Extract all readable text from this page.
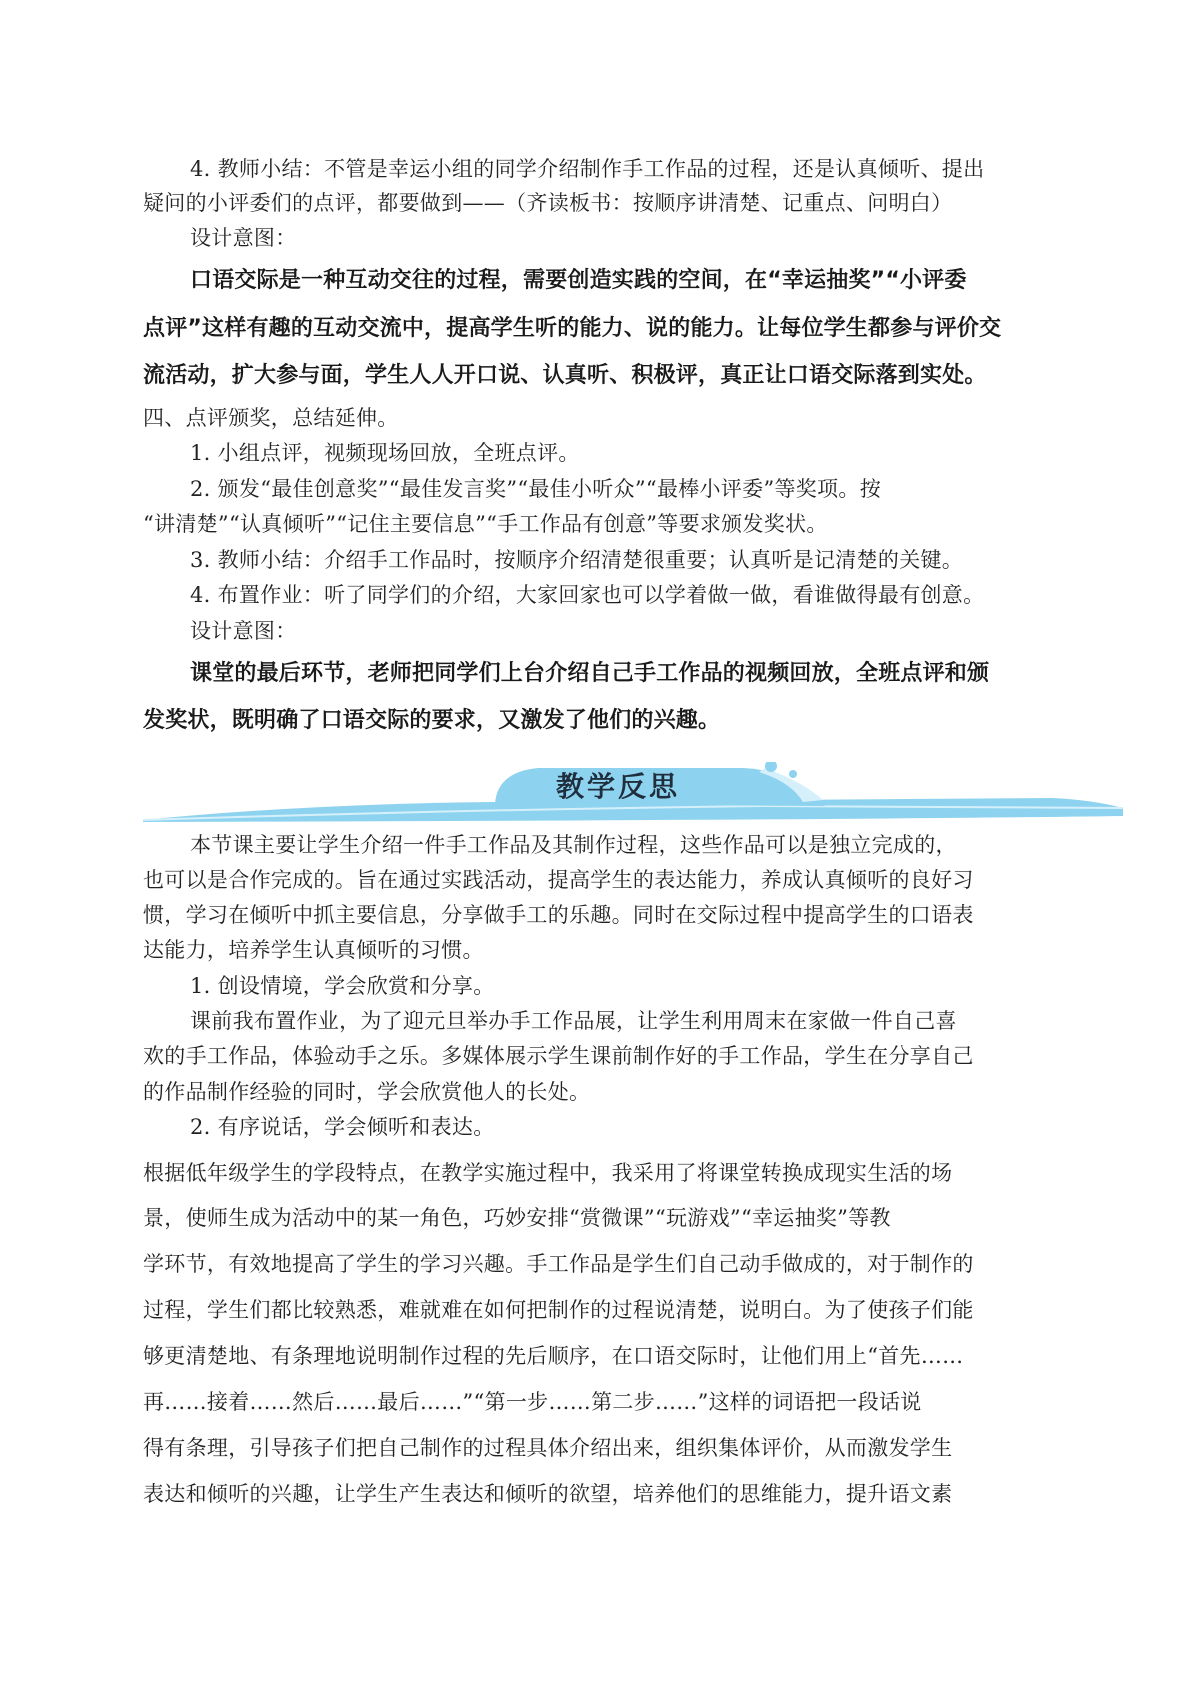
4. 教师小结：不管是幸运小组的同学介绍制作手工作品的过程，还是认真倾听、提出
疑问的小评委们的点评，都要做到——（齐读板书：按顺序讲清楚、记重点、问明白）
设计意图：
口语交际是一种互动交往的过程，需要创造实践的空间，在“幸运抽奖”“小评委
点评”这样有趣的互动交流中，提高学生听的能力、说的能力。让每位学生都参与评价交
流活动，扩大参与面，学生人人开口说、认真听、积极评，真正让口语交际落到实处。
四、点评颁奖，总结延伸。
1. 小组点评，视频现场回放，全班点评。
2. 颁发“最佳创意奖”“最佳发言奖”“最佳小听众”“最棒小评委”等奖项。按
“讲清楚”“认真倾听”“记住主要信息”“手工作品有创意”等要求颁发奖状。
3. 教师小结：介绍手工作品时，按顺序介绍清楚很重要；认真听是记清楚的关键。
4. 布置作业：听了同学们的介绍，大家回家也可以学着做一做，看谁做得最有创意。
设计意图：
课堂的最后环节，老师把同学们上台介绍自己手工作品的视频回放，全班点评和颁
发奖状，既明确了口语交际的要求，又激发了他们的兴趣。
教学反思
本节课主要让学生介绍一件手工作品及其制作过程，这些作品可以是独立完成的，
也可以是合作完成的。旨在通过实践活动，提高学生的表达能力，养成认真倾听的良好习
惯，学习在倾听中抓主要信息，分享做手工的乐趣。同时在交际过程中提高学生的口语表
达能力，培养学生认真倾听的习惯。
1. 创设情境，学会欣赏和分享。
课前我布置作业，为了迎元旦举办手工作品展，让学生利用周末在家做一件自己喜
欢的手工作品，体验动手之乐。多媒体展示学生课前制作好的手工作品，学生在分享自己
的作品制作经验的同时，学会欣赏他人的长处。
2. 有序说话，学会倾听和表达。
根据低年级学生的学段特点，在教学实施过程中，我采用了将课堂转换成现实生活的场
景，使师生成为活动中的某一角色，巧妙安排“赏微课”“玩游戏”“幸运抽奖”等教
学环节，有效地提高了学生的学习兴趣。手工作品是学生们自己动手做成的，对于制作的
过程，学生们都比较熟悉，难就难在如何把制作的过程说清楚，说明白。为了使孩子们能
够更清楚地、有条理地说明制作过程的先后顺序，在口语交际时，让他们用上“首先……
再……接着……然后……最后……”“第一步……第二步……”这样的词语把一段话说
得有条理，引导孩子们把自己制作的过程具体介绍出来，组织集体评价，从而激发学生
表达和倾听的兴趣，让学生产生表达和倾听的欲望，培养他们的思维能力，提升语文素
